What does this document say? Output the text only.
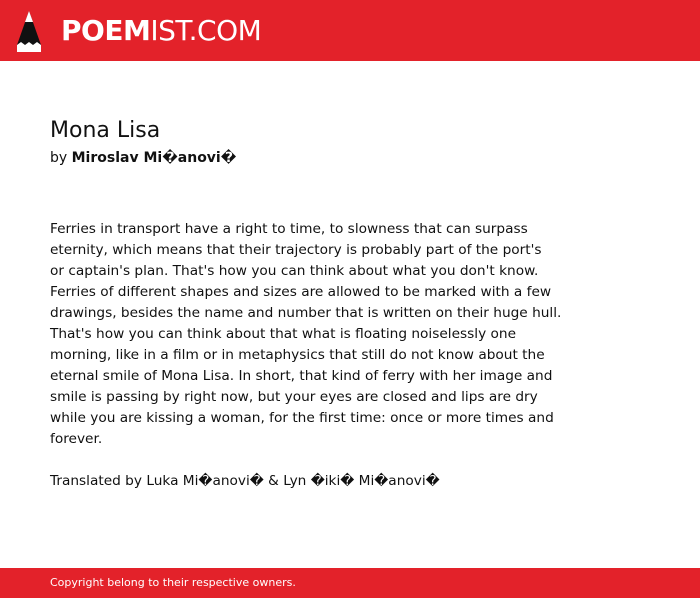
POEMIST.COM
Mona Lisa
by Miroslav Mi�anovi�
Ferries in transport have a right to time, to slowness that can surpass
eternity, which means that their trajectory is probably part of the port's
or captain's plan. That's how you can think about what you don't know.
Ferries of different shapes and sizes are allowed to be marked with a few
drawings, besides the name and number that is written on their huge hull.
That's how you can think about that what is floating noiselessly one
morning, like in a film or in metaphysics that still do not know about the
eternal smile of Mona Lisa. In short, that kind of ferry with her image and
smile is passing by right now, but your eyes are closed and lips are dry
while you are kissing a woman, for the first time: once or more times and
forever.
Translated by Luka Mi�anovi� & Lyn �iki� Mi�anovi�
Copyright belong to their respective owners.
